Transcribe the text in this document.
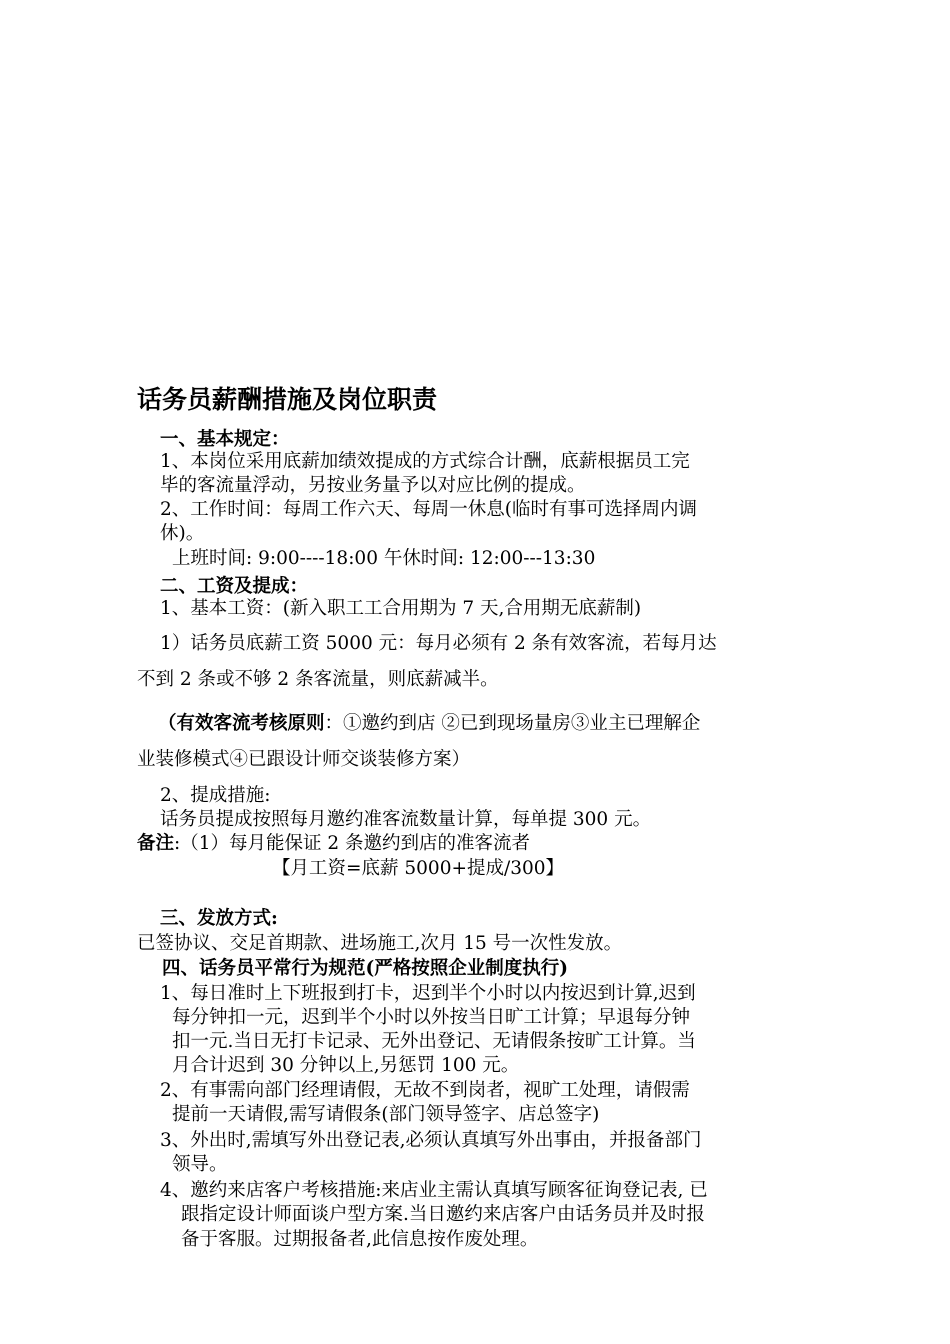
话务员薪酬措施及岗位职责
一、基本规定：
1、本岗位采用底薪加绩效提成的方式综合计酬，底薪根据员工完
毕的客流量浮动，另按业务量予以对应比例的提成。
2、工作时间：每周工作六天、每周一休息(临时有事可选择周内调
休)。
上班时间: 9:00----18:00 午休时间: 12:00---13:30
二、工资及提成：
1、基本工资：(新入职工工合用期为 7 天,合用期无底薪制)
1）话务员底薪工资 5000 元：每月必须有 2 条有效客流，若每月达
不到 2 条或不够 2 条客流量，则底薪减半。
（有效客流考核原则：①邀约到店 ②已到现场量房③业主已理解企
业装修模式④已跟设计师交谈装修方案）
2、提成措施:
话务员提成按照每月邀约准客流数量计算，每单提 300 元。
备注:（1）每月能保证 2 条邀约到店的准客流者
【月工资=底薪 5000+提成/300】
三、发放方式:
已签协议、交足首期款、进场施工,次月 15 号一次性发放。
四、话务员平常行为规范(严格按照企业制度执行)
1、每日准时上下班报到打卡，迟到半个小时以内按迟到计算,迟到
每分钟扣一元，迟到半个小时以外按当日旷工计算；早退每分钟
扣一元.当日无打卡记录、无外出登记、无请假条按旷工计算。当
月合计迟到 30 分钟以上,另惩罚 100 元。
2、有事需向部门经理请假，无故不到岗者，视旷工处理，请假需
提前一天请假,需写请假条(部门领导签字、店总签字)
3、外出时,需填写外出登记表,必须认真填写外出事由，并报备部门
领导。
4、邀约来店客户考核措施:来店业主需认真填写顾客征询登记表, 已
跟指定设计师面谈户型方案.当日邀约来店客户由话务员并及时报
备于客服。过期报备者,此信息按作废处理。
